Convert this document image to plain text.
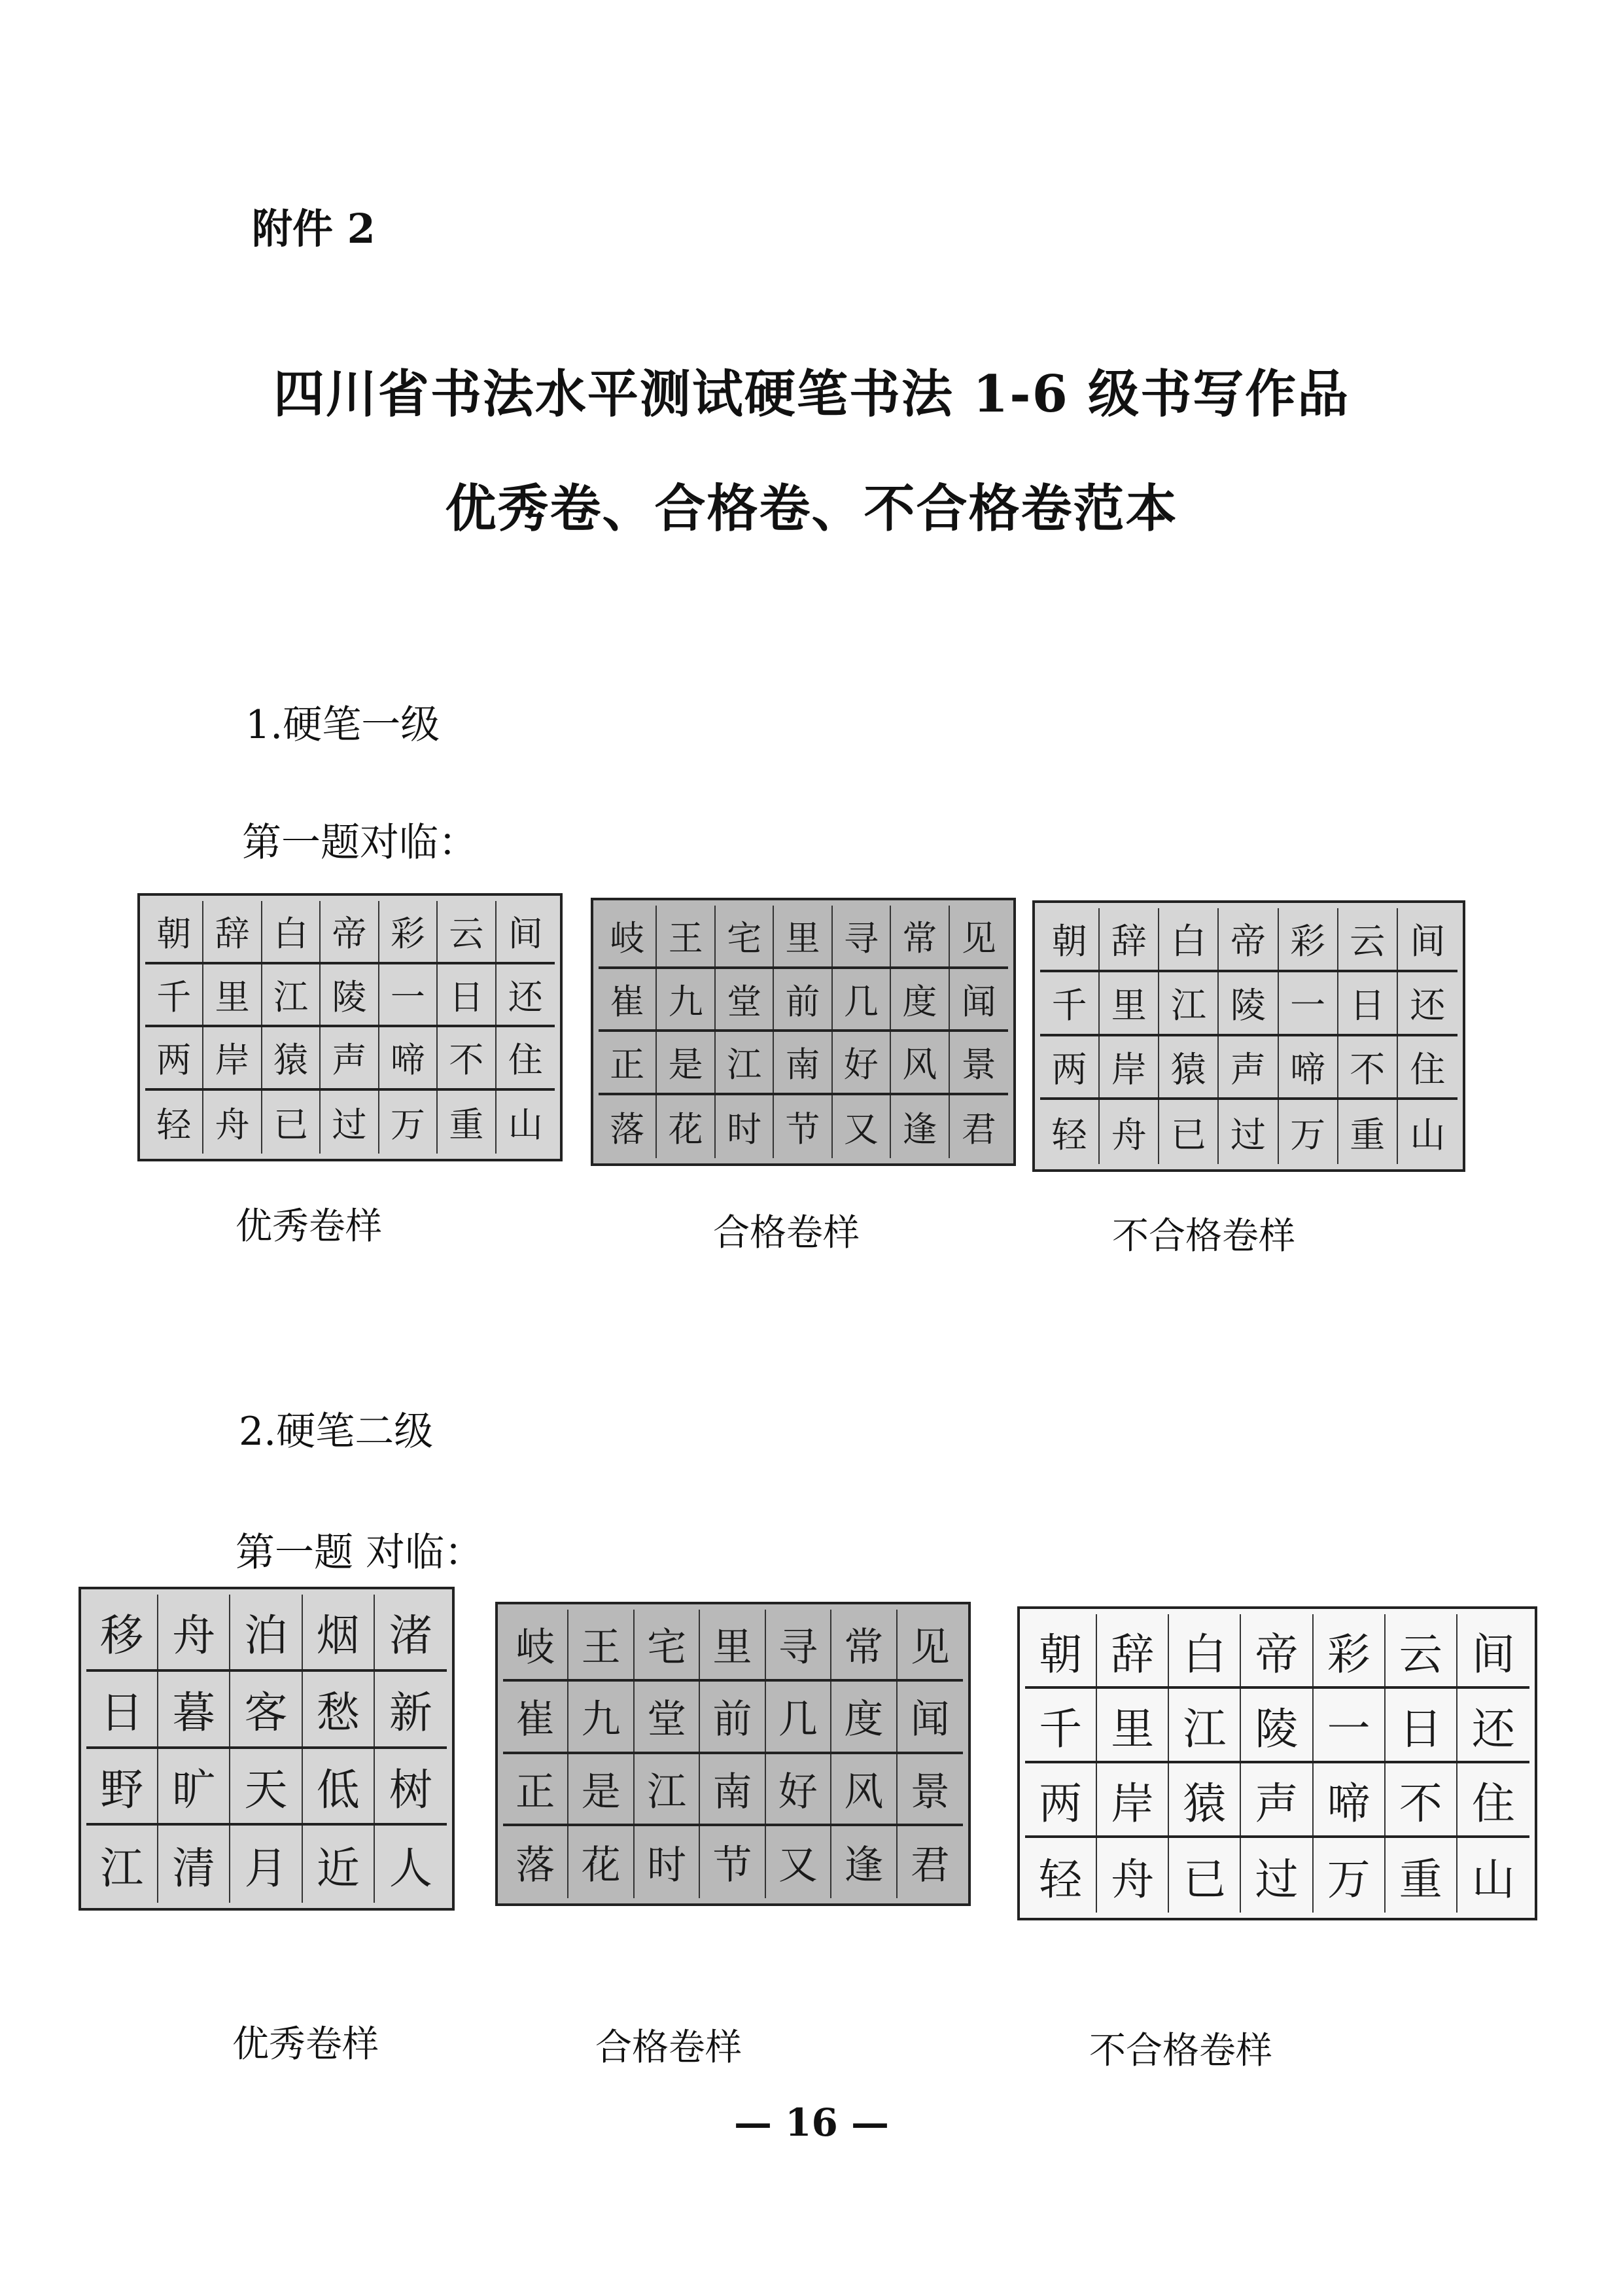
附件 2
四川省书法水平测试硬笔书法 1-6 级书写作品
优秀卷、合格卷、不合格卷范本
1.硬笔一级
第一题对临：
朝 辞 白 帝 彩 云 间
千 里 江 陵 一 日 还
两 岸 猿 声 啼 不 住
轻 舟 已 过 万 重 山
岐 王 宅 里 寻 常 见
崔 九 堂 前 几 度 闻
正 是 江 南 好 风 景
落 花 时 节 又 逢 君
朝 辞 白 帝 彩 云 间
千 里 江 陵 一 日 还
两 岸 猿 声 啼 不 住
轻 舟 已 过 万 重 山
优秀卷样	合格卷样	不合格卷样
2.硬笔二级
第一题 对临：
移 舟 泊 烟 渚
日 暮 客 愁 新
野 旷 天 低 树
江 清 月 近 人
岐 王 宅 里 寻 常 见
崔 九 堂 前 几 度 闻
正 是 江 南 好 风 景
落 花 时 节 又 逢 君
朝 辞 白 帝 彩 云 间
千 里 江 陵 一 日 还
两 岸 猿 声 啼 不 住
轻 舟 已 过 万 重 山
优秀卷样	合格卷样	不合格卷样
— 16 —
